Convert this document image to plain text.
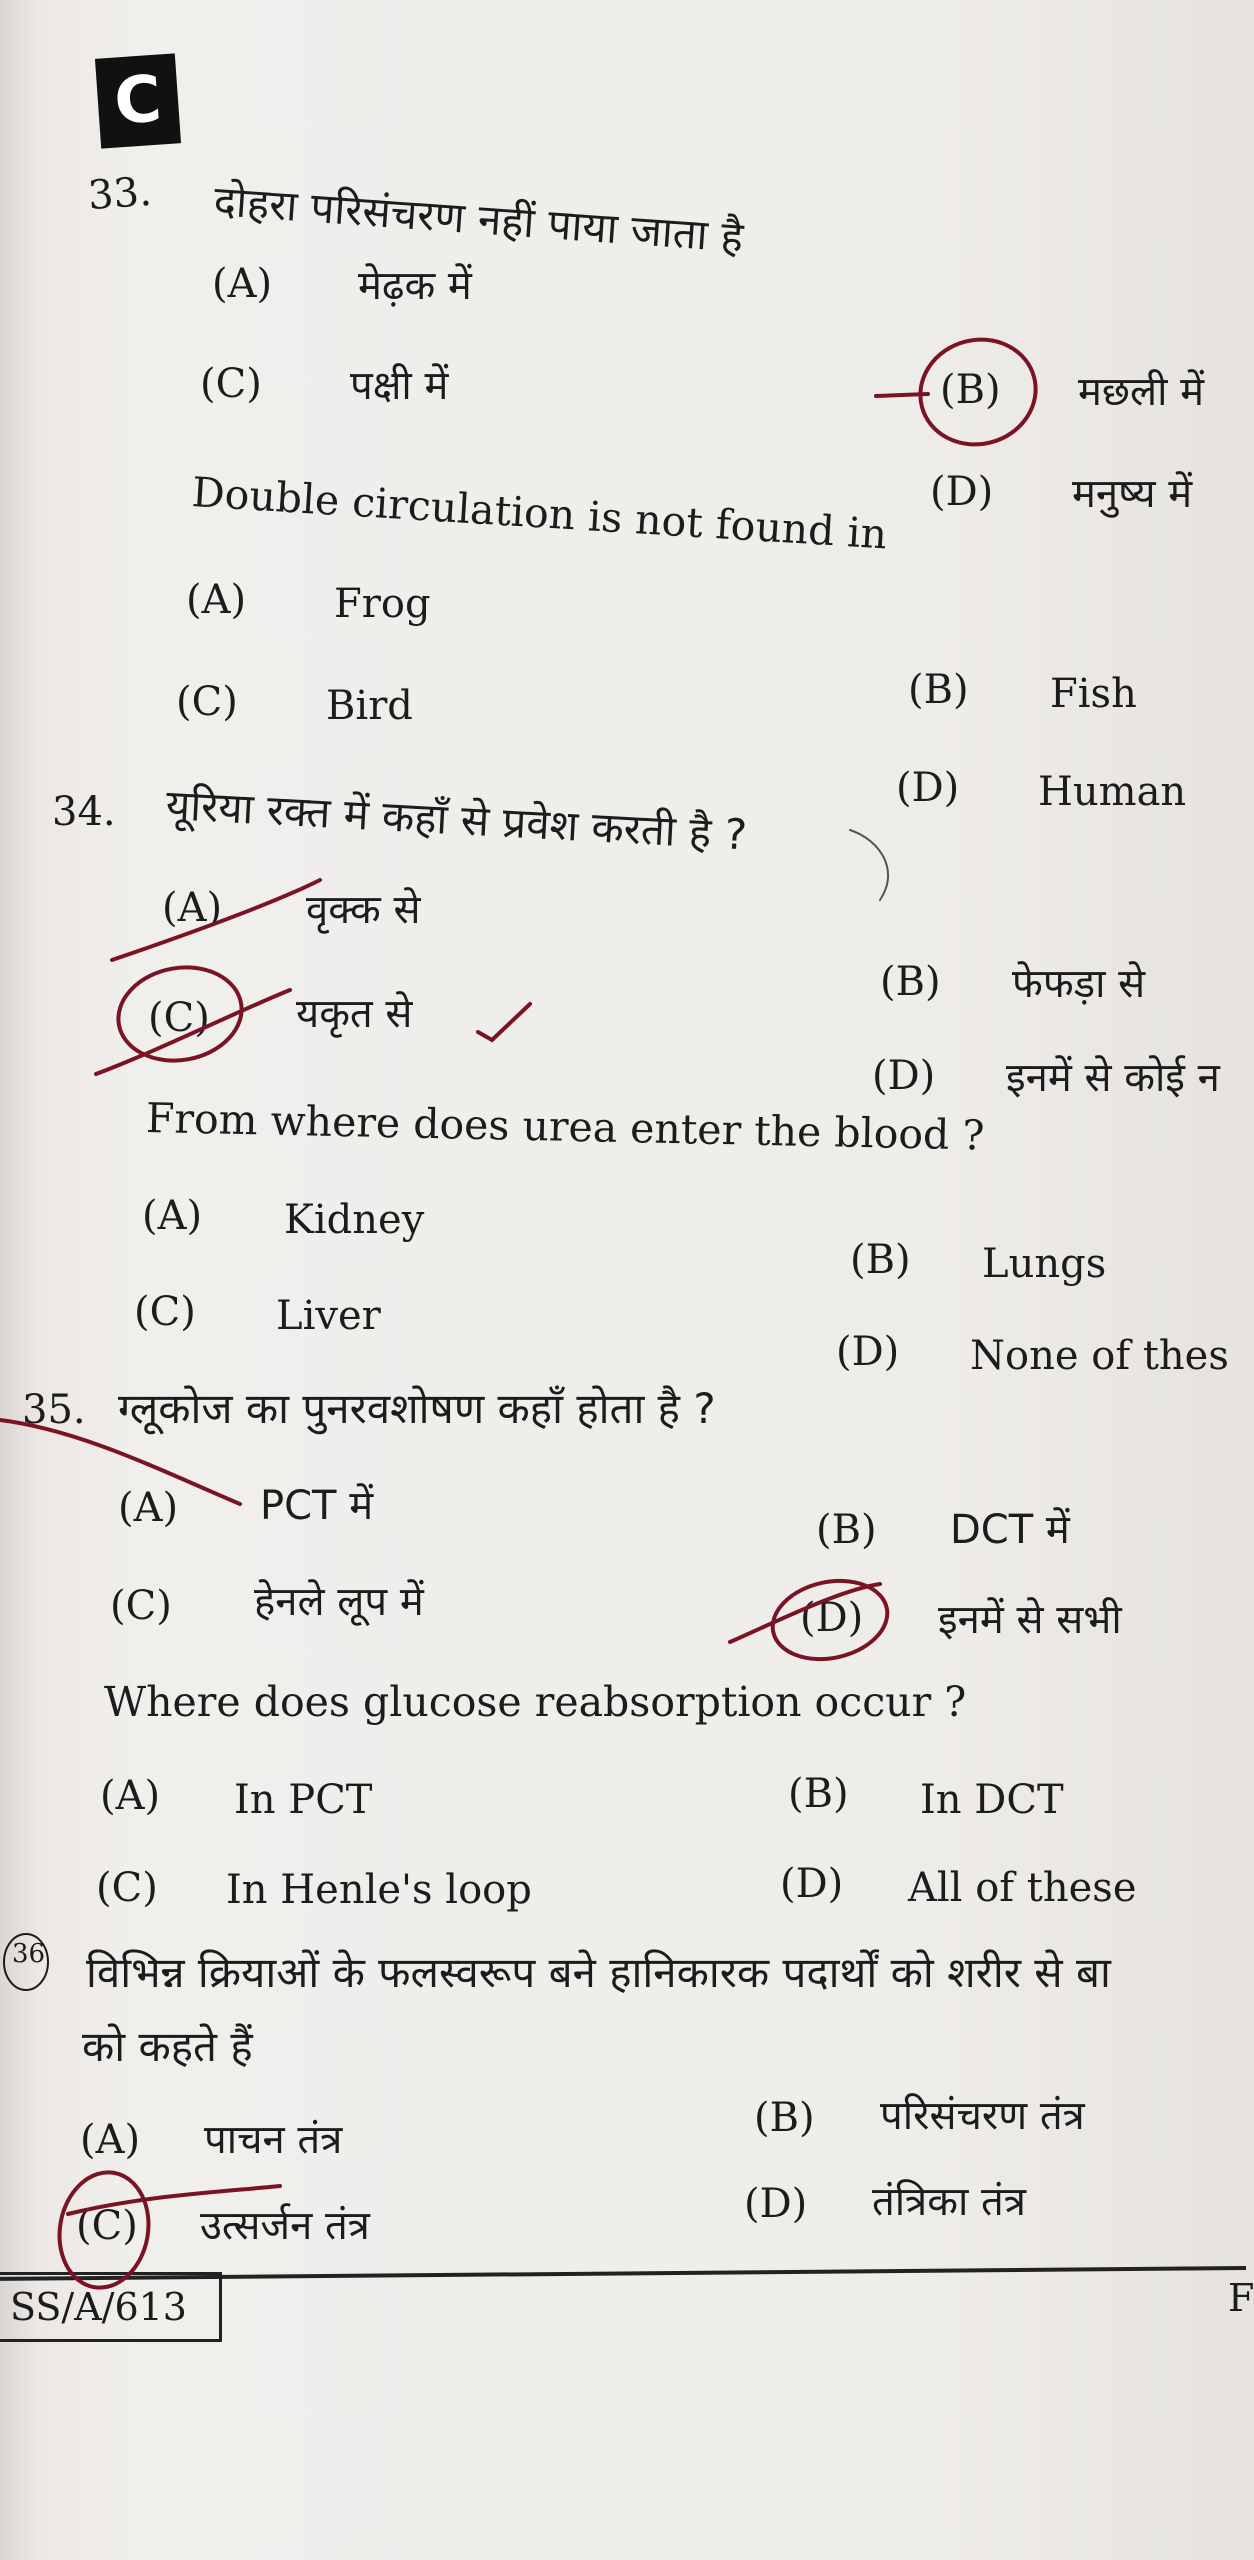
C
33. दोहरा परिसंचरण नहीं पाया जाता है
(A) मेढ़क में
(C) पक्षी में	(B) मछली में
(D) मनुष्य में
Double circulation is not found in
(A) Frog
(C) Bird	(B) Fish
(D) Human
34. यूरिया रक्त में कहाँ से प्रवेश करती है ?
(A) वृक्क से
(C) यकृत से
(B) फेफड़ा से
(D) इनमें से कोई न
From where does urea enter the blood ?
(A) Kidney
(C) Liver
(B) Lungs
(D) None of thes
35. ग्लूकोज का पुनरवशोषण कहाँ होता है ?
(A) PCT में
(C) हेनले लूप में
(B) DCT में
(D) इनमें से सभी
Where does glucose reabsorption occur ?
(A) In PCT
(C) In Henle's loop
(B) In DCT
(D) All of these
36 विभिन्न क्रियाओं के फलस्वरूप बने हानिकारक पदार्थों को शरीर से बा
को कहते हैं
(A) पाचन तंत्र	(B) परिसंचरण तंत्र
(C) उत्सर्जन तंत्र	(D) तंत्रिका तंत्र
SS/A/613	F
